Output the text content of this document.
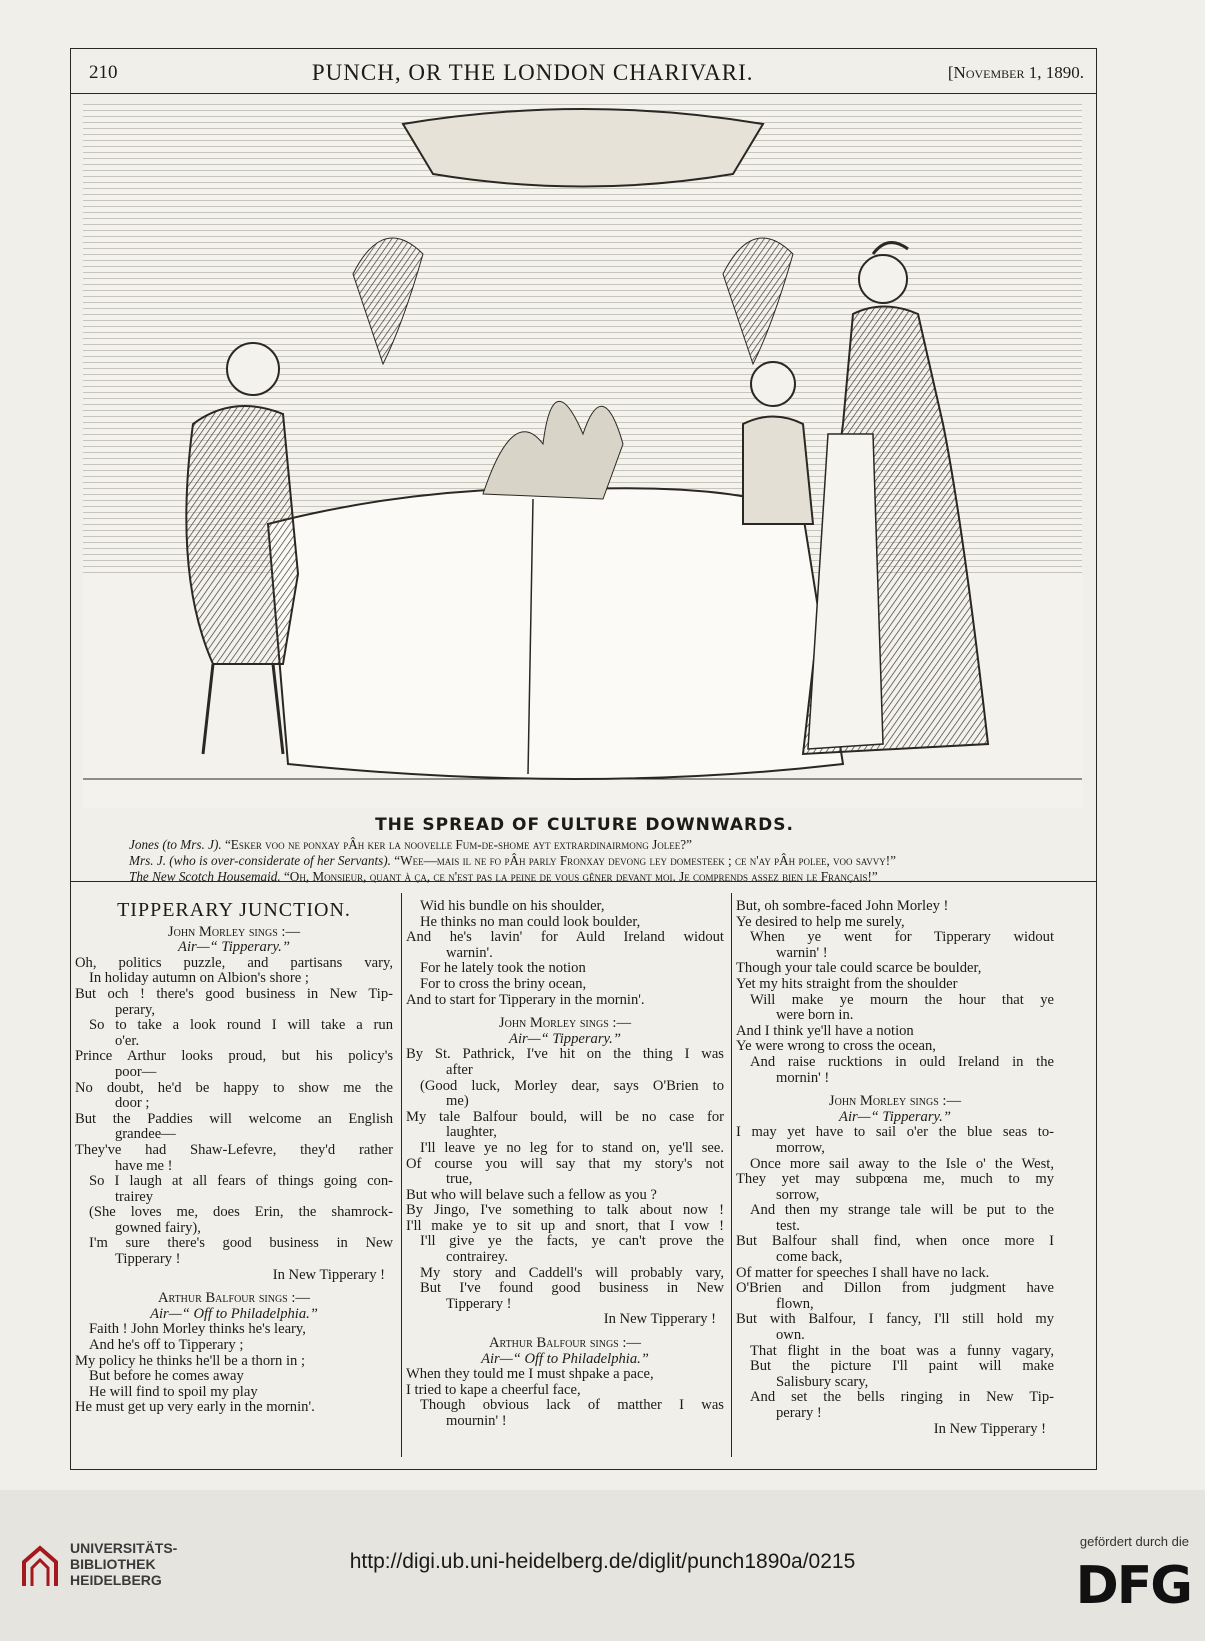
210	PUNCH, OR THE LONDON CHARIVARI.	[November 1, 1890.
THE SPREAD OF CULTURE DOWNWARDS.

Jones (to Mrs. J). “Esker voo ne ponxay pÂh ker la noovelle Fum-de-shome ayt extrardinairmong Jolee?”

Mrs. J. (who is over-considerate of her Servants). “Wee—mais il ne fo pÂh parly Fronxay devong ley domesteek ; ce n'ay pÂh polee, voo savvy!”

The New Scotch Housemaid. “Oh, Monsieur, quant à ça, ce n'est pas la peine de vous gêner devant moi. Je comprends assez bien le Français!”

TIPPERARY JUNCTION.
John Morley sings :—
Air—“ Tipperary.”
Oh, politics puzzle, and partisans vary,
In holiday autumn on Albion's shore ;
But och ! there's good business in New Tip-
perary,
So to take a look round I will take a run
o'er.
Prince Arthur looks proud, but his policy's
poor—
No doubt, he'd be happy to show me the
door ;
But the Paddies will welcome an English
grandee—
They've had Shaw-Lefevre, they'd rather
have me !
So I laugh at all fears of things going con-
trairey
(She loves me, does Erin, the shamrock-
gowned fairy),
I'm sure there's good business in New
Tipperary !
In New Tipperary !
Arthur Balfour sings :—
Air—“ Off to Philadelphia.”
Faith ! John Morley thinks he's leary,
And he's off to Tipperary ;
My policy he thinks he'll be a thorn in ;
But before he comes away
He will find to spoil my play
He must get up very early in the mornin'.
Wid his bundle on his shoulder,
He thinks no man could look boulder,
And he's lavin' for Auld Ireland widout
warnin'.
For he lately took the notion
For to cross the briny ocean,
And to start for Tipperary in the mornin'.
John Morley sings :—
Air—“ Tipperary.”
By St. Pathrick, I've hit on the thing I was
after
(Good luck, Morley dear, says O'Brien to
me)
My tale Balfour bould, will be no case for
laughter,
I'll leave ye no leg for to stand on, ye'll see.
Of course you will say that my story's not
true,
But who will belave such a fellow as you ?
By Jingo, I've something to talk about now !
I'll make ye to sit up and snort, that I vow !
I'll give ye the facts, ye can't prove the
contrairey.
My story and Caddell's will probably vary,
But I've found good business in New
Tipperary !
In New Tipperary !
Arthur Balfour sings :—
Air—“ Off to Philadelphia.”
When they tould me I must shpake a pace,
I tried to kape a cheerful face,
Though obvious lack of matther I was
mournin' !
But, oh sombre-faced John Morley !
Ye desired to help me surely,
When ye went for Tipperary widout
warnin' !
Though your tale could scarce be boulder,
Yet my hits straight from the shoulder
Will make ye mourn the hour that ye
were born in.
And I think ye'll have a notion
Ye were wrong to cross the ocean,
And raise rucktions in ould Ireland in the
mornin' !
John Morley sings :—
Air—“ Tipperary.”
I may yet have to sail o'er the blue seas to-
morrow,
Once more sail away to the Isle o' the West,
They yet may subpœna me, much to my
sorrow,
And then my strange tale will be put to the
test.
But Balfour shall find, when once more I
come back,
Of matter for speeches I shall have no lack.
O'Brien and Dillon from judgment have
flown,
But with Balfour, I fancy, I'll still hold my
own.
That flight in the boat was a funny vagary,
But the picture I'll paint will make
Salisbury scary,
And set the bells ringing in New Tip-
perary !
In New Tipperary !
UNIVERSITÄTS-
BIBLIOTHEK
HEIDELBERG
http://digi.ub.uni-heidelberg.de/diglit/punch1890a/0215
gefördert durch die
DFG
